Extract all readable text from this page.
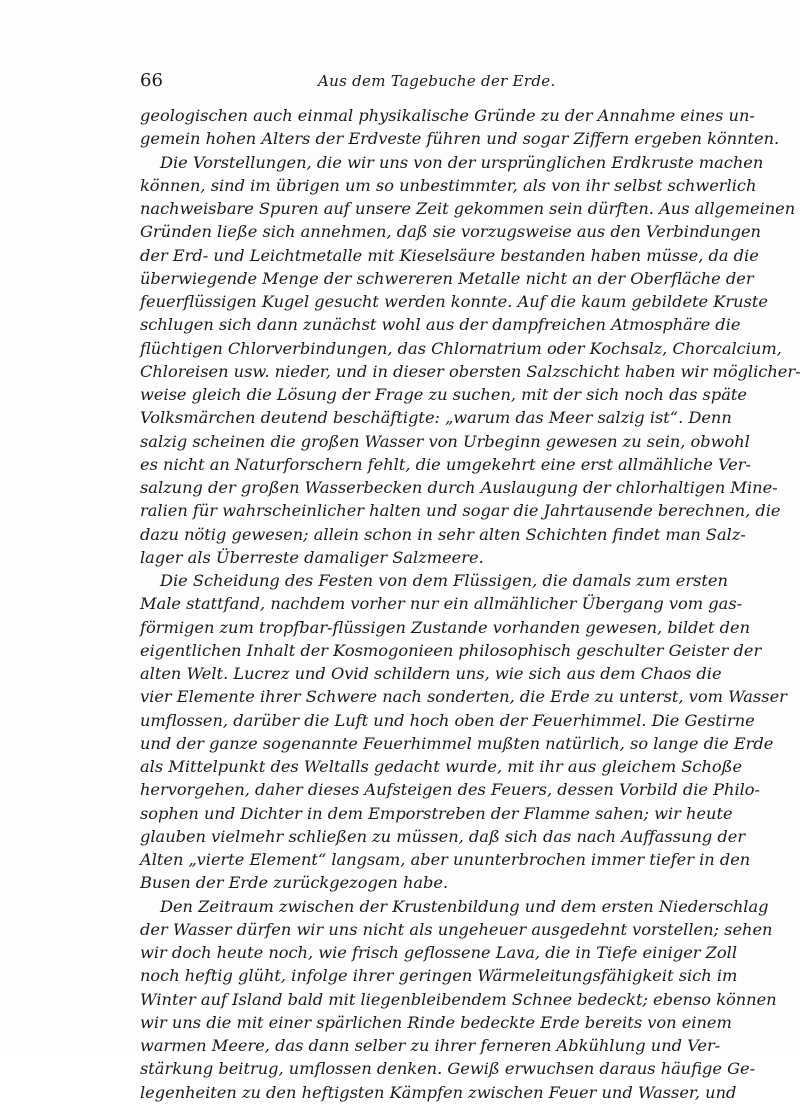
66	Aus dem Tagebuche der Erde.
geologischen auch einmal physikalische Gründe zu der Annahme eines un-
gemein hohen Alters der Erdveste führen und sogar Ziffern ergeben könnten.
Die Vorstellungen, die wir uns von der ursprünglichen Erdkruste machen
können, sind im übrigen um so unbestimmter, als von ihr selbst schwerlich
nachweisbare Spuren auf unsere Zeit gekommen sein dürften. Aus allgemeinen
Gründen ließe sich annehmen, daß sie vorzugsweise aus den Verbindungen
der Erd- und Leichtmetalle mit Kieselsäure bestanden haben müsse, da die
überwiegende Menge der schwereren Metalle nicht an der Oberfläche der
feuerflüssigen Kugel gesucht werden konnte. Auf die kaum gebildete Kruste
schlugen sich dann zunächst wohl aus der dampfreichen Atmosphäre die
flüchtigen Chlorverbindungen, das Chlornatrium oder Kochsalz, Chorcalcium,
Chloreisen usw. nieder, und in dieser obersten Salzschicht haben wir möglicher-
weise gleich die Lösung der Frage zu suchen, mit der sich noch das späte
Volksmärchen deutend beschäftigte: „warum das Meer salzig ist“. Denn
salzig scheinen die großen Wasser von Urbeginn gewesen zu sein, obwohl
es nicht an Naturforschern fehlt, die umgekehrt eine erst allmähliche Ver-
salzung der großen Wasserbecken durch Auslaugung der chlorhaltigen Mine-
ralien für wahrscheinlicher halten und sogar die Jahrtausende berechnen, die
dazu nötig gewesen; allein schon in sehr alten Schichten findet man Salz-
lager als Überreste damaliger Salzmeere.
Die Scheidung des Festen von dem Flüssigen, die damals zum ersten
Male stattfand, nachdem vorher nur ein allmählicher Übergang vom gas-
förmigen zum tropfbar-flüssigen Zustande vorhanden gewesen, bildet den
eigentlichen Inhalt der Kosmogonieen philosophisch geschulter Geister der
alten Welt. Lucrez und Ovid schildern uns, wie sich aus dem Chaos die
vier Elemente ihrer Schwere nach sonderten, die Erde zu unterst, vom Wasser
umflossen, darüber die Luft und hoch oben der Feuerhimmel. Die Gestirne
und der ganze sogenannte Feuerhimmel mußten natürlich, so lange die Erde
als Mittelpunkt des Weltalls gedacht wurde, mit ihr aus gleichem Schoße
hervorgehen, daher dieses Aufsteigen des Feuers, dessen Vorbild die Philo-
sophen und Dichter in dem Emporstreben der Flamme sahen; wir heute
glauben vielmehr schließen zu müssen, daß sich das nach Auffassung der
Alten „vierte Element“ langsam, aber ununterbrochen immer tiefer in den
Busen der Erde zurückgezogen habe.
Den Zeitraum zwischen der Krustenbildung und dem ersten Niederschlag
der Wasser dürfen wir uns nicht als ungeheuer ausgedehnt vorstellen; sehen
wir doch heute noch, wie frisch geflossene Lava, die in Tiefe einiger Zoll
noch heftig glüht, infolge ihrer geringen Wärmeleitungsfähigkeit sich im
Winter auf Island bald mit liegenbleibendem Schnee bedeckt; ebenso können
wir uns die mit einer spärlichen Rinde bedeckte Erde bereits von einem
warmen Meere, das dann selber zu ihrer ferneren Abkühlung und Ver-
stärkung beitrug, umflossen denken. Gewiß erwuchsen daraus häufige Ge-
legenheiten zu den heftigsten Kämpfen zwischen Feuer und Wasser, und
